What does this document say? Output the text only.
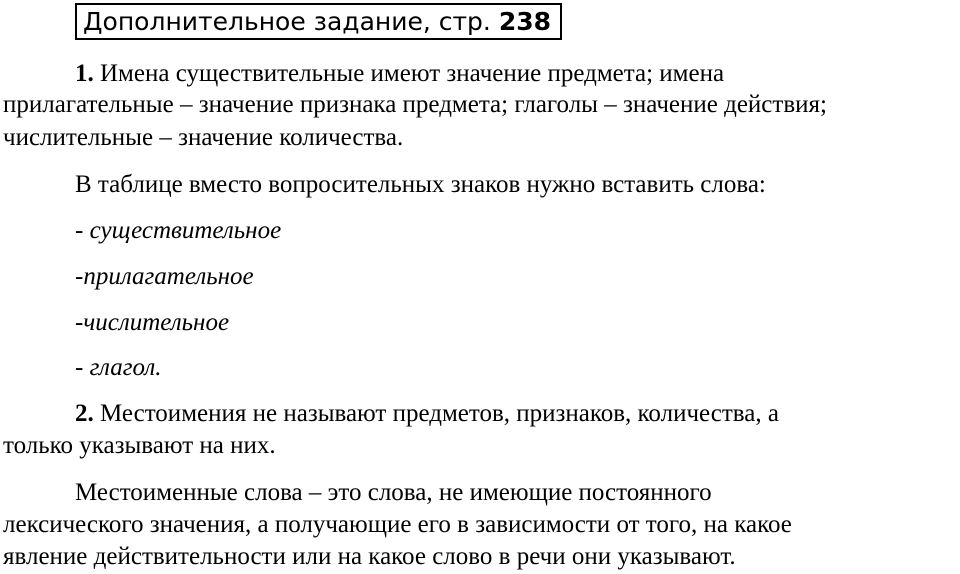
Дополнительное задание, стр. 238
1. Имена существительные имеют значение предмета; имена
прилагательные – значение признака предмета; глаголы – значение действия;
числительные – значение количества.
В таблице вместо вопросительных знаков нужно вставить слова:
- существительное
-прилагательное
-числительное
- глагол.
2. Местоимения не называют предметов, признаков, количества, а
только указывают на них.
Местоименные слова – это слова, не имеющие постоянного
лексического значения, а получающие его в зависимости от того, на какое
явление действительности или на какое слово в речи они указывают.
